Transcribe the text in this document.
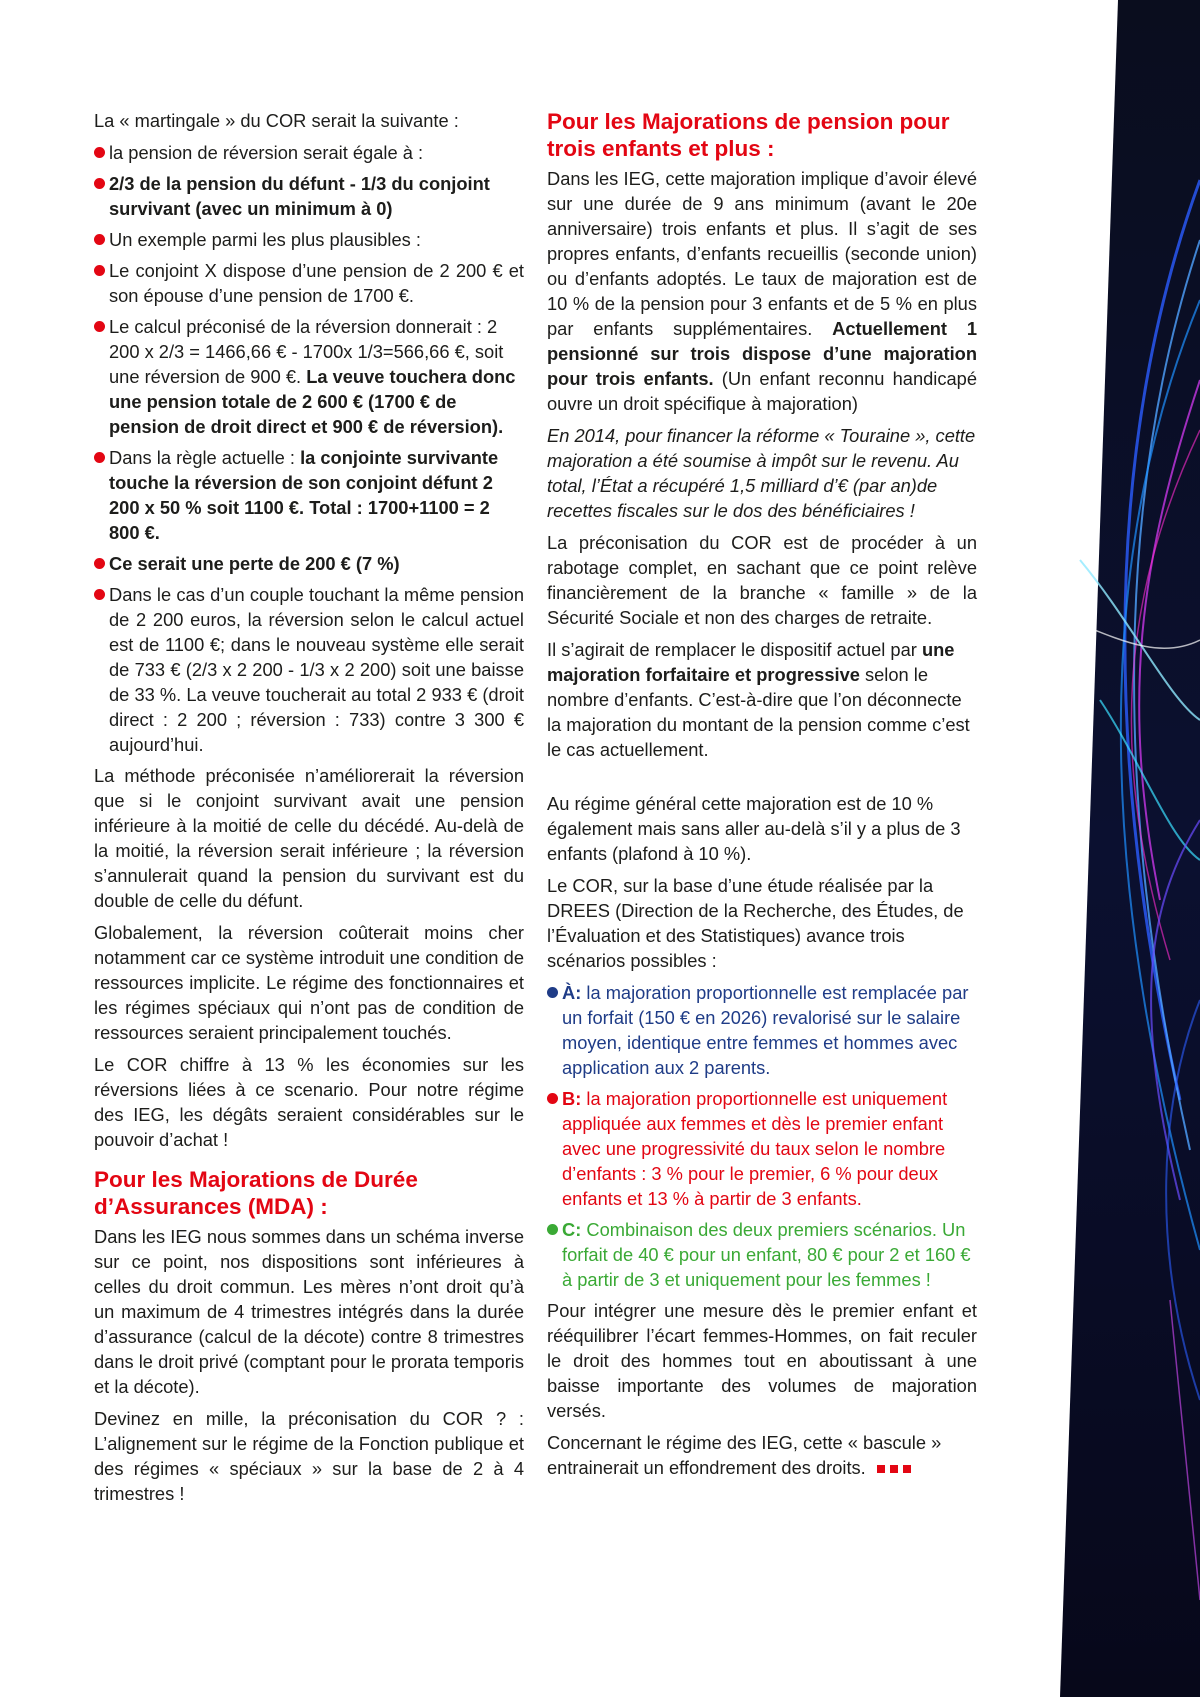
La « martingale » du COR serait la suivante :

la pension de réversion serait égale à :
2/3 de la pension du défunt - 1/3 du conjoint survivant (avec un minimum à 0)
Un exemple parmi les plus plausibles :
Le conjoint X dispose d’une pension de 2 200 € et son épouse d’une pension de 1700 €.
Le calcul préconisé de la réversion donnerait : 2 200 x 2/3 = 1466,66 € - 1700x 1/3=566,66 €, soit une réversion de 900 €. La veuve touchera donc une pension totale de 2 600 € (1700 € de pension de droit direct et 900 € de réversion).
Dans la règle actuelle : la conjointe survivante touche la réversion de son conjoint défunt 2 200 x 50 % soit 1100 €. Total : 1700+1100 = 2 800 €.
Ce serait une perte de 200 € (7 %)
Dans le cas d’un couple touchant la même pension de 2 200 euros, la réversion selon le calcul actuel est de 1100 €; dans le nouveau système elle serait de 733 € (2/3 x 2 200 - 1/3 x 2 200) soit une baisse de 33 %. La veuve toucherait au total 2 933 € (droit direct : 2 200 ; réversion : 733) contre 3 300 € aujourd’hui.

La méthode préconisée n’améliorerait la réversion que si le conjoint survivant avait une pension inférieure à la moitié de celle du décédé. Au-delà de la moitié, la réversion serait inférieure ; la réversion s’annulerait quand la pension du survivant est du double de celle du défunt.

Globalement, la réversion coûterait moins cher notamment car ce système introduit une condition de ressources implicite. Le régime des fonctionnaires et les régimes spéciaux qui n’ont pas de condition de ressources seraient principalement touchés.

Le COR chiffre à 13 % les économies sur les réversions liées à ce scenario. Pour notre régime des IEG, les dégâts seraient considérables sur le pouvoir d’achat !

Pour les Majorations de Durée d’Assurances (MDA) :

Dans les IEG nous sommes dans un schéma inverse sur ce point, nos dispositions sont inférieures à celles du droit commun. Les mères n’ont droit qu’à un maximum de 4 trimestres intégrés dans la durée d’assurance (calcul de la décote) contre 8 trimestres dans le droit privé (comptant pour le prorata temporis et la décote).

Devinez en mille, la préconisation du COR ? : L’alignement sur le régime de la Fonction publique et des régimes « spéciaux » sur la base de 2 à 4 trimestres !

Pour les Majorations de pension pour trois enfants et plus :

Dans les IEG, cette majoration implique d’avoir élevé sur une durée de 9 ans minimum (avant le 20e anniversaire) trois enfants et plus. Il s’agit de ses propres enfants, d’enfants recueillis (seconde union) ou d’enfants adoptés. Le taux de majoration est de 10 % de la pension pour 3 enfants et de 5 % en plus par enfants supplémentaires. Actuellement 1 pensionné sur trois dispose d’une majoration pour trois enfants. (Un enfant reconnu handicapé ouvre un droit spécifique à majoration)

En 2014, pour financer la réforme « Touraine », cette majoration a été soumise à impôt sur le revenu. Au total, l’État a récupéré 1,5 milliard d’€ (par an)de recettes fiscales sur le dos des bénéficiaires !

La préconisation du COR est de procéder à un rabotage complet, en sachant que ce point relève financièrement de la branche « famille » de la Sécurité Sociale et non des charges de retraite.

Il s’agirait de remplacer le dispositif actuel par une majoration forfaitaire et progressive selon le nombre d’enfants. C’est-à-dire que l’on déconnecte la majoration du montant de la pension comme c’est le cas actuellement.

Au régime général cette majoration est de 10 % également mais sans aller au-delà s’il y a plus de 3 enfants (plafond à 10 %).

Le COR, sur la base d’une étude réalisée par la DREES (Direction de la Recherche, des Études, de l’Évaluation et des Statistiques) avance trois scénarios possibles :

À: la majoration proportionnelle est remplacée par un forfait (150 € en 2026) revalorisé sur le salaire moyen, identique entre femmes et hommes avec application aux 2 parents.
B: la majoration proportionnelle est uniquement appliquée aux femmes et dès le premier enfant avec une progressivité du taux selon le nombre d’enfants : 3 % pour le premier, 6 % pour deux enfants et 13 % à partir de 3 enfants.
C: Combinaison des deux premiers scénarios. Un forfait de 40 € pour un enfant, 80 € pour 2 et 160 € à partir de 3 et uniquement pour les femmes !

Pour intégrer une mesure dès le premier enfant et rééquilibrer l’écart femmes-Hommes, on fait reculer le droit des hommes tout en aboutissant à une baisse importante des volumes de majoration versés.

Concernant le régime des IEG, cette « bascule » entrainerait un effondrement des droits.
